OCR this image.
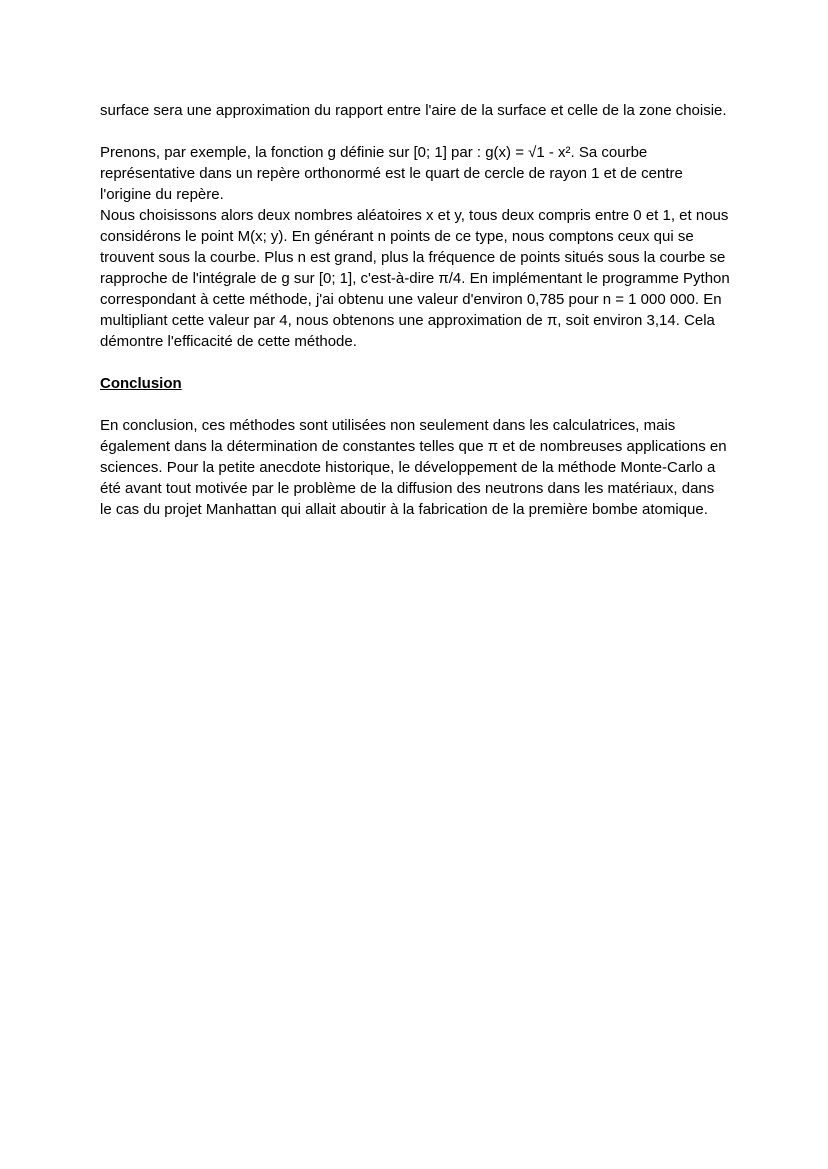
surface sera une approximation du rapport entre l'aire de la surface et celle de la zone choisie.

Prenons, par exemple, la fonction g définie sur [0; 1] par : g(x) = √1 - x². Sa courbe représentative dans un repère orthonormé est le quart de cercle de rayon 1 et de centre l'origine du repère.

Nous choisissons alors deux nombres aléatoires x et y, tous deux compris entre 0 et 1, et nous considérons le point M(x; y). En générant n points de ce type, nous comptons ceux qui se trouvent sous la courbe. Plus n est grand, plus la fréquence de points situés sous la courbe se rapproche de l'intégrale de g sur [0; 1], c'est-à-dire π/4. En implémentant le programme Python correspondant à cette méthode, j'ai obtenu une valeur d'environ 0,785 pour n = 1 000 000. En multipliant cette valeur par 4, nous obtenons une approximation de π, soit environ 3,14. Cela démontre l'efficacité de cette méthode.

Conclusion

En conclusion, ces méthodes sont utilisées non seulement dans les calculatrices, mais également dans la détermination de constantes telles que π et de nombreuses applications en sciences. Pour la petite anecdote historique, le développement de la méthode Monte-Carlo a été avant tout motivée par le problème de la diffusion des neutrons dans les matériaux, dans le cas du projet Manhattan qui allait aboutir à la fabrication de la première bombe atomique.
